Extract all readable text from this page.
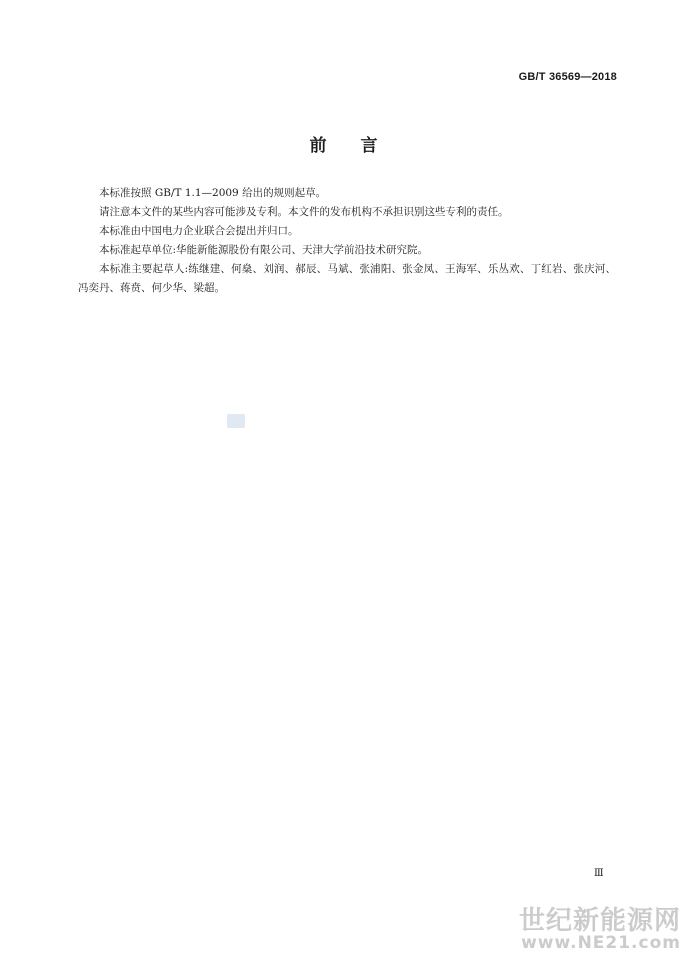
GB/T 36569—2018
前言

本标准按照 GB/T 1.1—2009 给出的规则起草。

请注意本文件的某些内容可能涉及专利。本文件的发布机构不承担识别这些专利的责任。

本标准由中国电力企业联合会提出并归口。

本标准起草单位:华能新能源股份有限公司、天津大学前沿技术研究院。

本标准主要起草人:练继建、何燊、刘润、郝辰、马斌、张浦阳、张金凤、王海军、乐丛欢、丁红岩、张庆河、冯奕丹、蒋贲、何少华、梁超。

Ⅲ
世纪新能源网
www.NE21.com
